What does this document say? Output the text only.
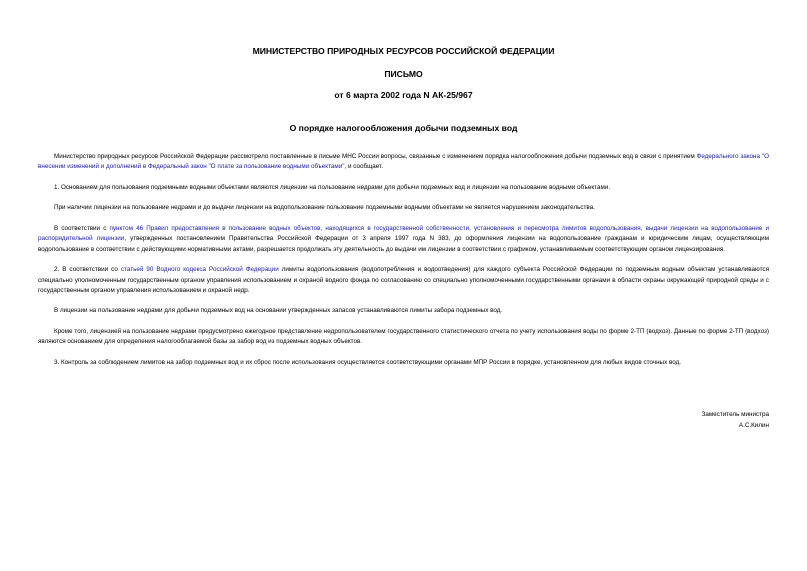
МИНИСТЕРСТВО ПРИРОДНЫХ РЕСУРСОВ РОССИЙСКОЙ ФЕДЕРАЦИИ
ПИСЬМО
от 6 марта 2002 года N АК-25/967
О порядке налогообложения добычи подземных вод

Министерство природных ресурсов Российской Федерации рассмотрело поставленные в письме МНС России вопросы, связанные с изменением порядка налогообложения добычи подземных вод в связи с принятием Федерального закона "О внесении изменений и дополнений в Федеральный закон "О плате за пользование водными объектами", и сообщает.

1. Основанием для пользования подземными водными объектами являются лицензии на пользование недрами для добычи подземных вод и лицензии на пользование водными объектами.

При наличии лицензии на пользование недрами и до выдачи лицензии на водопользование пользование подземными водными объектами не является нарушением законодательства.

В соответствии с пунктом 46 Правил предоставления в пользование водных объектов, находящихся в государственной собственности, установления и пересмотра лимитов водопользования, выдачи лицензии на водопользование и распорядительной лицензии, утвержденных постановлением Правительства Российской Федерации от 3 апреля 1997 года N 383, до оформления лицензии на водопользование гражданам и юридическим лицам, осуществляющим водопользование в соответствии с действующими нормативными актами, разрешается продолжать эту деятельность до выдачи им лицензии в соответствии с графиком, устанавливаемым соответствующим органом лицензирования.

2. В соответствии со статьей 90 Водного кодекса Российской Федерации лимиты водопользования (водопотребления и водоотведения) для каждого субъекта Российской Федерации по подземным водным объектам устанавливаются специально уполномоченным государственным органом управления использованием и охраной водного фонда по согласованию со специально уполномоченными государственными органами в области охраны окружающей природной среды и с государственным органом управления использованием и охраной недр.

В лицензии на пользование недрами для добычи подземных вод на основании утвержденных запасов устанавливаются лимиты забора подземных вод.

Кроме того, лицензией на пользование недрами предусмотрено ежегодное представление недропользователем государственного статистического отчета по учету использования воды по форме 2-ТП (водхоз). Данные по форме 2-ТП (водхоз) являются основанием для определения налогооблагаемой базы за забор вод из подземных водных объектов.

3. Контроль за соблюдением лимитов на забор подземных вод и их сброс после использования осуществляется соответствующими органами МПР России в порядке, установленном для любых видов сточных вод.

Заместитель министра
А.С.Килин
